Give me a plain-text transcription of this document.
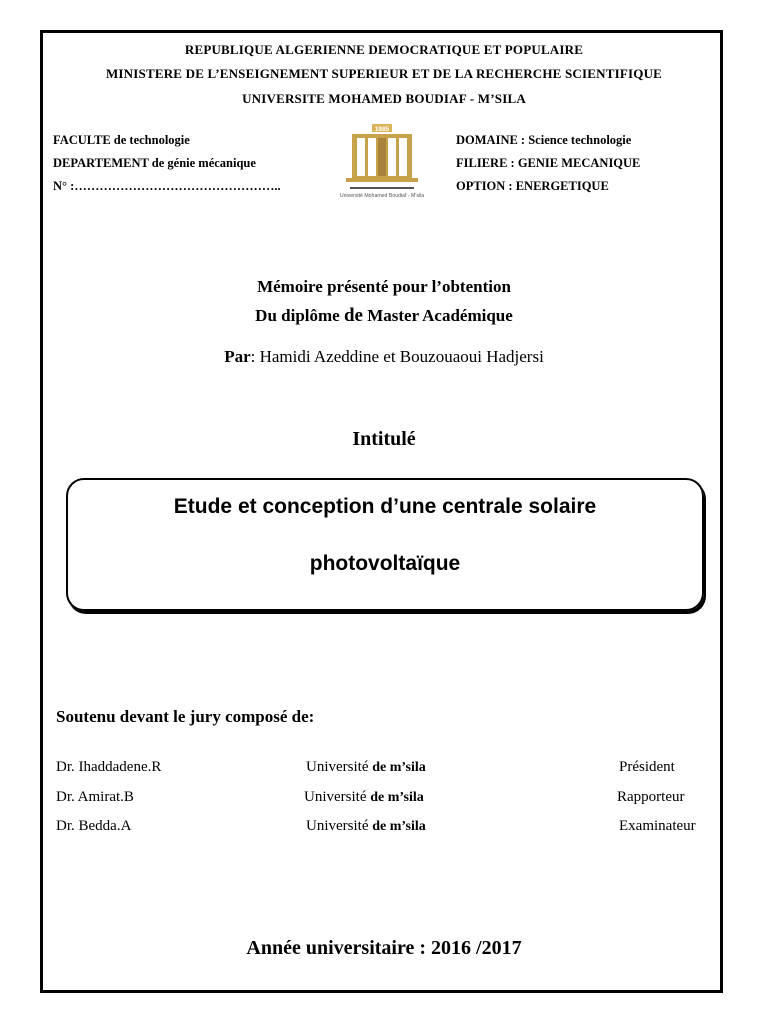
REPUBLIQUE ALGERIENNE DEMOCRATIQUE ET POPULAIRE
MINISTERE DE L’ENSEIGNEMENT SUPERIEUR ET DE LA RECHERCHE SCIENTIFIQUE
UNIVERSITE MOHAMED BOUDIAF - M’SILA
FACULTE de technologie
DEPARTEMENT de génie mécanique
N° :…………………………………………..
1985
Université Mohamed Boudiaf - M'sila
DOMAINE : Science technologie
FILIERE : GENIE MECANIQUE
OPTION : ENERGETIQUE
Mémoire présenté pour l’obtention
Du diplôme de Master Académique
Par: Hamidi Azeddine et Bouzouaoui Hadjersi
Intitulé
Etude et conception d’une centrale solaire
photovoltaïque
Soutenu devant le jury composé de:
Dr. Ihaddadene.R	Université de m’sila	Président
Dr. Amirat.B	Université de m’sila	Rapporteur
Dr. Bedda.A	Université de m’sila	Examinateur
Année universitaire : 2016 /2017
